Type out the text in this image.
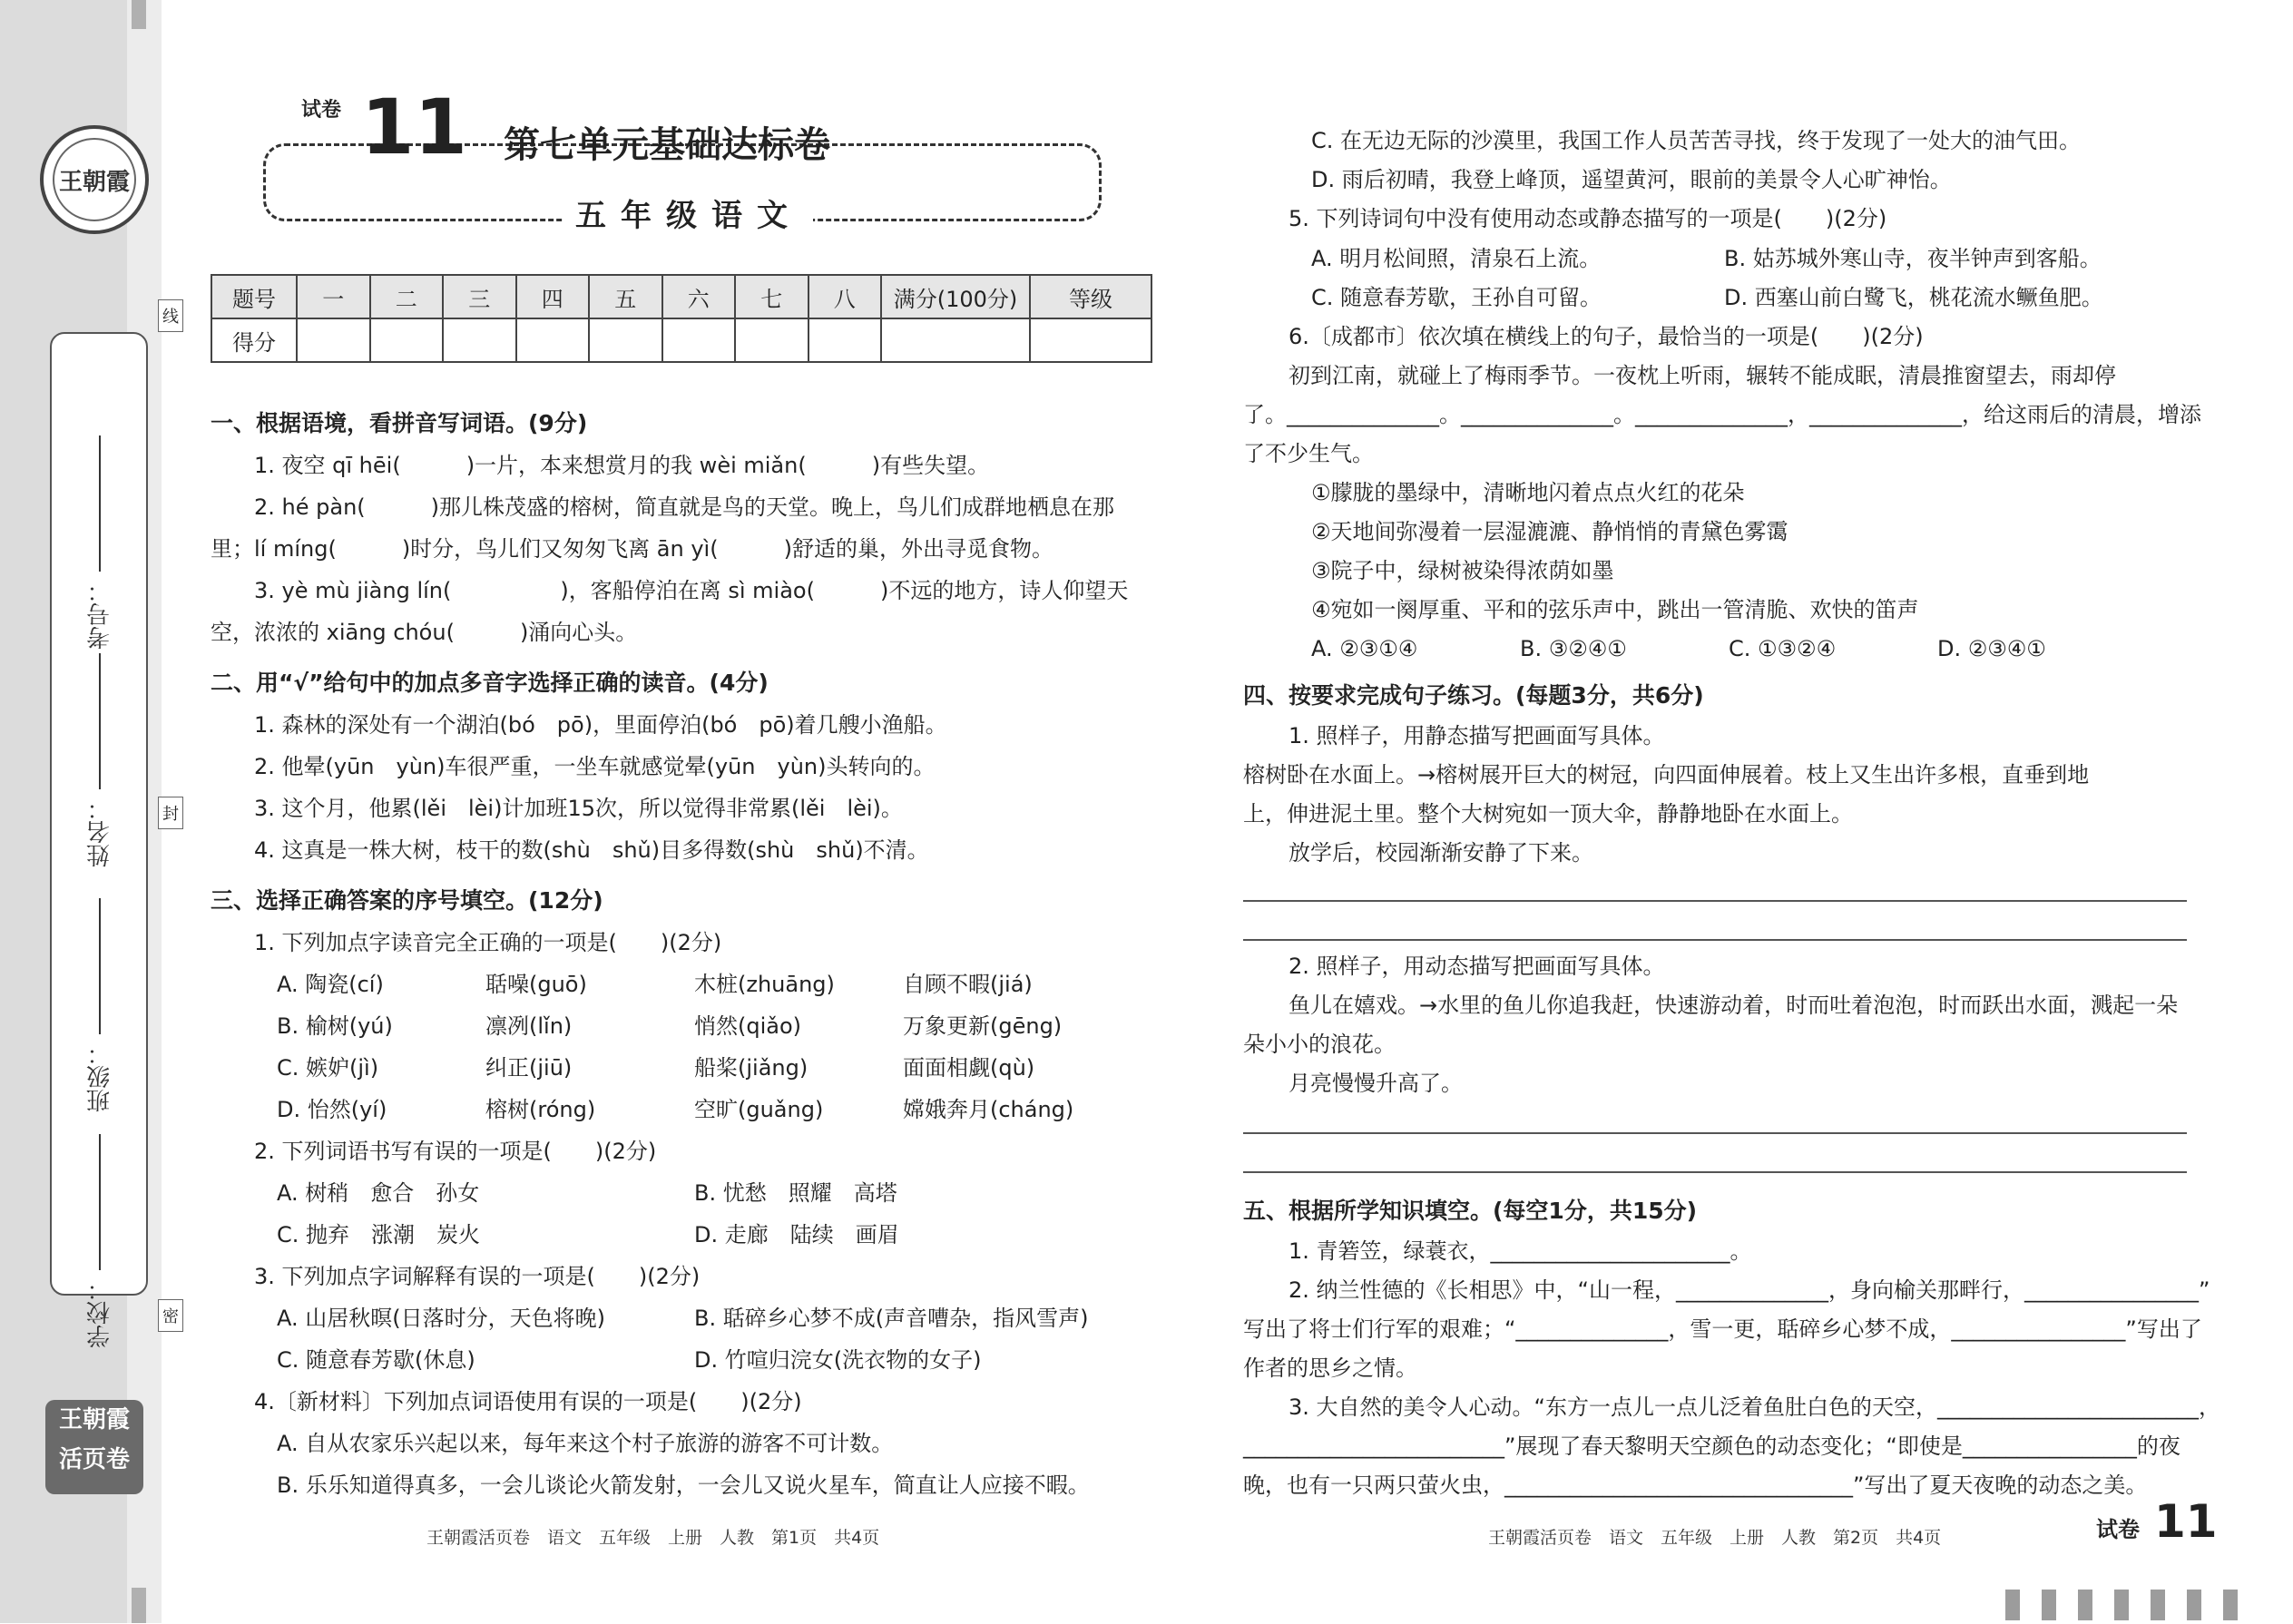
王朝霞
考号：
姓名：
班级：
学校：
线
封
密
王朝霞
活页卷
试卷 11 第七单元基础达标卷
五年级语文
题号	一	二	三	四	五	六	七	八	满分(100分)	等级
得分										
一、根据语境，看拼音写词语。(9分)
1. 夜空 qī hēi(　　　)一片，本来想赏月的我 wèi miǎn(　　　)有些失望。
2. hé pàn(　　　)那儿株茂盛的榕树，简直就是鸟的天堂。晚上，鸟儿们成群地栖息在那
里；lí míng(　　　)时分，鸟儿们又匆匆飞离 ān yì(　　　)舒适的巢，外出寻觅食物。
3. yè mù jiàng lín(　　　　　)，客船停泊在离 sì miào(　　　)不远的地方，诗人仰望天
空，浓浓的 xiāng chóu(　　　)涌向心头。
二、用“√”给句中的加点多音字选择正确的读音。(4分)
1. 森林的深处有一个湖泊(bó　pō)，里面停泊(bó　pō)着几艘小渔船。
2. 他晕(yūn　yùn)车很严重，一坐车就感觉晕(yūn　yùn)头转向的。
3. 这个月，他累(lěi　lèi)计加班15次，所以觉得非常累(lěi　lèi)。
4. 这真是一株大树，枝干的数(shù　shǔ)目多得数(shù　shǔ)不清。
三、选择正确答案的序号填空。(12分)
1. 下列加点字读音完全正确的一项是(　　)(2分)
A. 陶瓷(cí)	聒噪(guō)	木桩(zhuāng)	自顾不暇(jiá)
B. 榆树(yú)	凛冽(lǐn)	悄然(qiǎo)	万象更新(gēng)
C. 嫉妒(jì)	纠正(jiū)	船桨(jiǎng)	面面相觑(qù)
D. 怡然(yí)	榕树(róng)	空旷(guǎng)	嫦娥奔月(cháng)
2. 下列词语书写有误的一项是(　　)(2分)
A. 树稍　愈合　孙女	B. 忧愁　照耀　高塔
C. 抛弃　涨潮　炭火	D. 走廊　陆续　画眉
3. 下列加点字词解释有误的一项是(　　)(2分)
A. 山居秋暝(日落时分，天色将晚)	B. 聒碎乡心梦不成(声音嘈杂，指风雪声)
C. 随意春芳歇(休息)	D. 竹喧归浣女(洗衣物的女子)
4.〔新材料〕下列加点词语使用有误的一项是(　　)(2分)
A. 自从农家乐兴起以来，每年来这个村子旅游的游客不可计数。
B. 乐乐知道得真多，一会儿谈论火箭发射，一会儿又说火星车，简直让人应接不暇。
王朝霞活页卷　语文　五年级　上册　人教　第1页　共4页
C. 在无边无际的沙漠里，我国工作人员苦苦寻找，终于发现了一处大的油气田。
D. 雨后初晴，我登上峰顶，遥望黄河，眼前的美景令人心旷神怡。
5. 下列诗词句中没有使用动态或静态描写的一项是(　　)(2分)
A. 明月松间照，清泉石上流。	B. 姑苏城外寒山寺，夜半钟声到客船。
C. 随意春芳歇，王孙自可留。	D. 西塞山前白鹭飞，桃花流水鳜鱼肥。
6.〔成都市〕依次填在横线上的句子，最恰当的一项是(　　)(2分)
初到江南，就碰上了梅雨季节。一夜枕上听雨，辗转不能成眠，清晨推窗望去，雨却停
了。______________。______________。______________，______________，给这雨后的清晨，增添
了不少生气。
①朦胧的墨绿中，清晰地闪着点点火红的花朵
②天地间弥漫着一层湿漉漉、静悄悄的青黛色雾霭
③院子中，绿树被染得浓荫如墨
④宛如一阕厚重、平和的弦乐声中，跳出一管清脆、欢快的笛声
A. ②③①④	B. ③②④①	C. ①③②④	D. ②③④①
四、按要求完成句子练习。(每题3分，共6分)
1. 照样子，用静态描写把画面写具体。
榕树卧在水面上。→榕树展开巨大的树冠，向四面伸展着。枝上又生出许多根，直垂到地
上，伸进泥土里。整个大树宛如一顶大伞，静静地卧在水面上。
放学后，校园渐渐安静了下来。
2. 照样子，用动态描写把画面写具体。
鱼儿在嬉戏。→水里的鱼儿你追我赶，快速游动着，时而吐着泡泡，时而跃出水面，溅起一朵
朵小小的浪花。
月亮慢慢升高了。
五、根据所学知识填空。(每空1分，共15分)
1. 青箬笠，绿蓑衣，______________________。
2. 纳兰性德的《长相思》中，“山一程，______________，身向榆关那畔行，________________”
写出了将士们行军的艰难；“______________，雪一更，聒碎乡心梦不成，________________”写出了
作者的思乡之情。
3. 大自然的美令人心动。“东方一点儿一点儿泛着鱼肚白色的天空，________________________，
________________________”展现了春天黎明天空颜色的动态变化；“即使是________________的夜
晚，也有一只两只萤火虫，________________________________”写出了夏天夜晚的动态之美。
王朝霞活页卷　语文　五年级　上册　人教　第2页　共4页	试卷 11
